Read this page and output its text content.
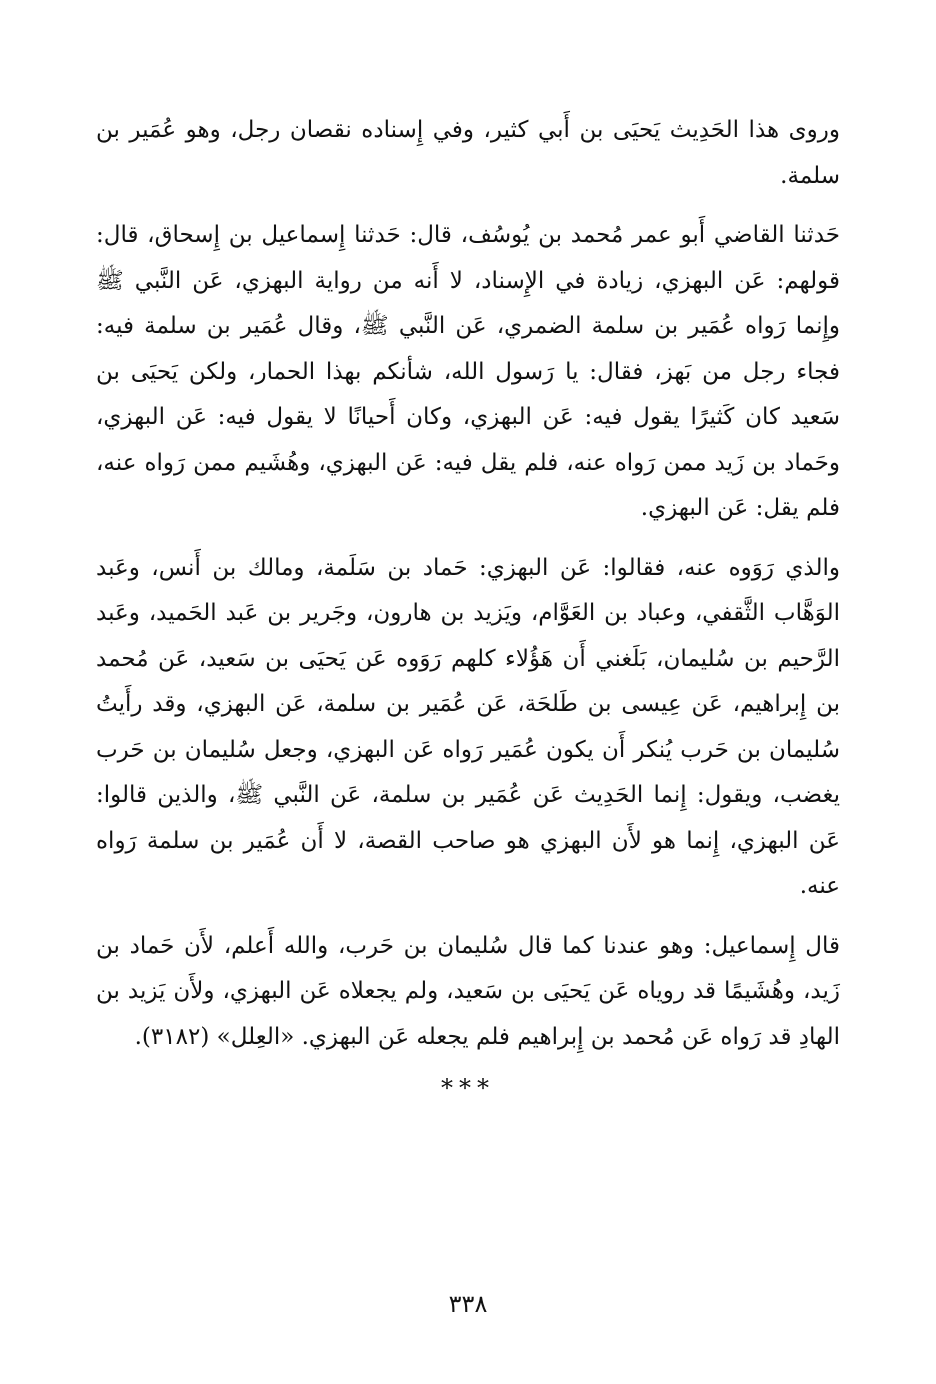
وروى هذا الحَدِيث يَحيَى بن أَبي كثير، وفي إِسناده نقصان رجل، وهو عُمَير بن سلمة.

حَدثنا القاضي أَبو عمر مُحمد بن يُوسُف، قال: حَدثنا إِسماعيل بن إِسحاق، قال: قولهم: عَن البهزي، زيادة في الإِسناد، لا أَنه من رواية البهزي، عَن النَّبي ﷺ وإِنما رَواه عُمَير بن سلمة الضمري، عَن النَّبي ﷺ، وقال عُمَير بن سلمة فيه: فجاء رجل من بَهز، فقال: يا رَسول الله، شأنكم بهذا الحمار، ولكن يَحيَى بن سَعيد كان كَثيرًا يقول فيه: عَن البهزي، وكان أَحيانًا لا يقول فيه: عَن البهزي، وحَماد بن زَيد ممن رَواه عنه، فلم يقل فيه: عَن البهزي، وهُشَيم ممن رَواه عنه، فلم يقل: عَن البهزي.

والذي رَوَوه عنه، فقالوا: عَن البهزي: حَماد بن سَلَمة، ومالك بن أَنس، وعَبد الوَهَّاب الثَّقفي، وعباد بن العَوَّام، ويَزيد بن هارون، وجَرير بن عَبد الحَميد، وعَبد الرَّحيم بن سُليمان، بَلَغني أَن هَؤُلاء كلهم رَوَوه عَن يَحيَى بن سَعيد، عَن مُحمد بن إِبراهيم، عَن عِيسى بن طَلحَة، عَن عُمَير بن سلمة، عَن البهزي، وقد رأَيتُ سُليمان بن حَرب يُنكر أَن يكون عُمَير رَواه عَن البهزي، وجعل سُليمان بن حَرب يغضب، ويقول: إِنما الحَدِيث عَن عُمَير بن سلمة، عَن النَّبي ﷺ، والذين قالوا: عَن البهزي، إِنما هو لأَن البهزي هو صاحب القصة، لا أَن عُمَير بن سلمة رَواه عنه.

قال إِسماعيل: وهو عندنا كما قال سُليمان بن حَرب، والله أَعلم، لأَن حَماد بن زَيد، وهُشَيمًا قد روياه عَن يَحيَى بن سَعيد، ولم يجعلاه عَن البهزي، ولأَن يَزيد بن الهادِ قد رَواه عَن مُحمد بن إِبراهيم فلم يجعله عَن البهزي. «العِلل» (٣١٨٢).

***
٣٣٨
